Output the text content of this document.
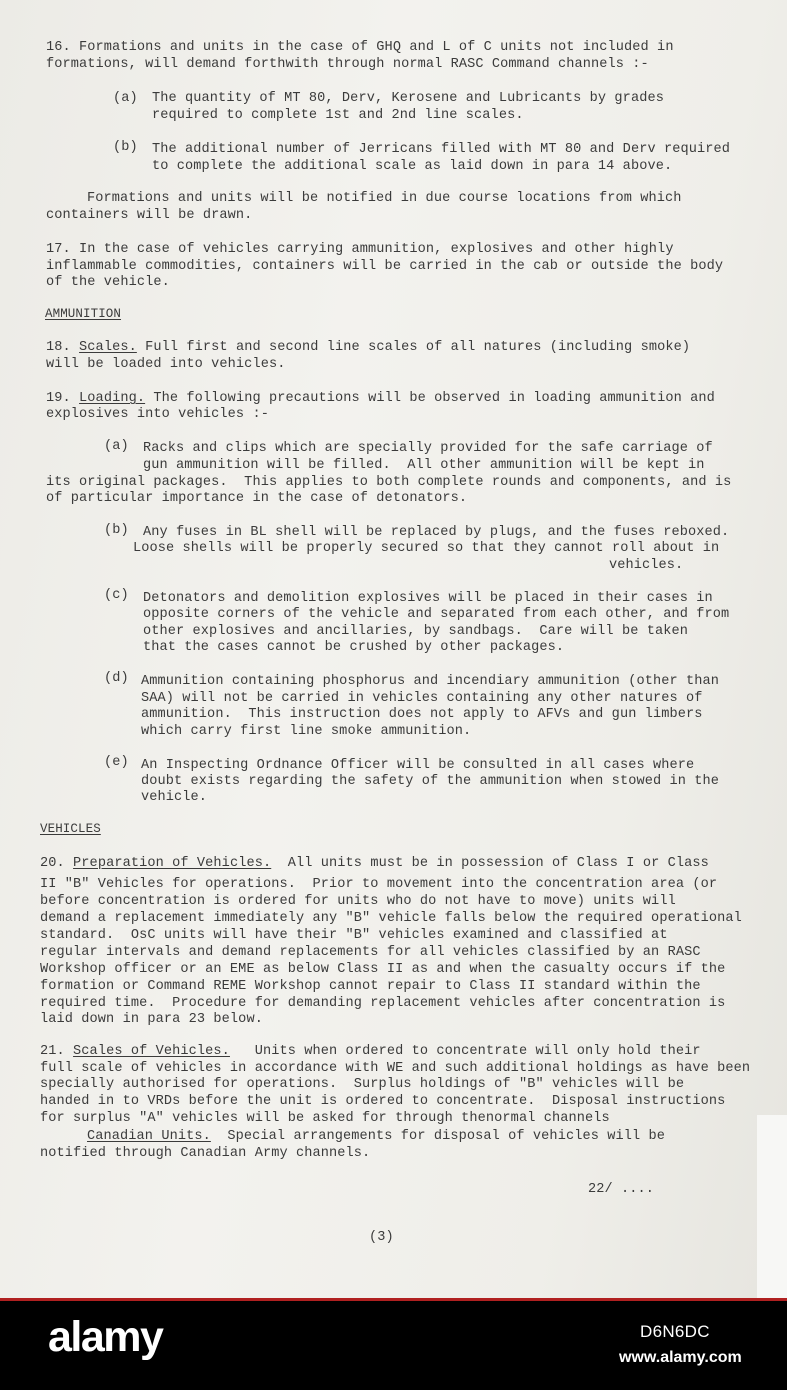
16. Formations and units in the case of GHQ and L of C units not included in
formations, will demand forthwith through normal RASC Command channels :-
(a) The quantity of MT 80, Derv, Kerosene and Lubricants by grades
required to complete 1st and 2nd line scales.
(b) The additional number of Jerricans filled with MT 80 and Derv required
to complete the additional scale as laid down in para 14 above.
Formations and units will be notified in due course locations from which
containers will be drawn.
17. In the case of vehicles carrying ammunition, explosives and other highly
inflammable commodities, containers will be carried in the cab or outside the body
of the vehicle.
AMMUNITION
18. Scales. Full first and second line scales of all natures (including smoke)
will be loaded into vehicles.
19. Loading. The following precautions will be observed in loading ammunition and
explosives into vehicles :-
(a) Racks and clips which are specially provided for the safe carriage of
gun ammunition will be filled.  All other ammunition will be kept in
its original packages.  This applies to both complete rounds and components, and is
of particular importance in the case of detonators.
(b) Any fuses in BL shell will be replaced by plugs, and the fuses reboxed.
Loose shells will be properly secured so that they cannot roll about in
vehicles.
(c) Detonators and demolition explosives will be placed in their cases in
opposite corners of the vehicle and separated from each other, and from
other explosives and ancillaries, by sandbags.  Care will be taken
that the cases cannot be crushed by other packages.
(d) Ammunition containing phosphorus and incendiary ammunition (other than
SAA) will not be carried in vehicles containing any other natures of
ammunition.  This instruction does not apply to AFVs and gun limbers
which carry first line smoke ammunition.
(e) An Inspecting Ordnance Officer will be consulted in all cases where
doubt exists regarding the safety of the ammunition when stowed in the
vehicle.
VEHICLES
20. Preparation of Vehicles.  All units must be in possession of Class I or Class
II "B" Vehicles for operations.  Prior to movement into the concentration area (or
before concentration is ordered for units who do not have to move) units will
demand a replacement immediately any "B" vehicle falls below the required operational
standard.  OsC units will have their "B" vehicles examined and classified at
regular intervals and demand replacements for all vehicles classified by an RASC
Workshop officer or an EME as below Class II as and when the casualty occurs if the
formation or Command REME Workshop cannot repair to Class II standard within the
required time.  Procedure for demanding replacement vehicles after concentration is
laid down in para 23 below.
21. Scales of Vehicles.   Units when ordered to concentrate will only hold their
full scale of vehicles in accordance with WE and such additional holdings as have been
specially authorised for operations.  Surplus holdings of "B" vehicles will be
handed in to VRDs before the unit is ordered to concentrate.  Disposal instructions
for surplus "A" vehicles will be asked for through thenormal channels
Canadian Units.  Special arrangements for disposal of vehicles will be
notified through Canadian Army channels.
22/ ....
(3)
alamy	D6N6DC
www.alamy.com
